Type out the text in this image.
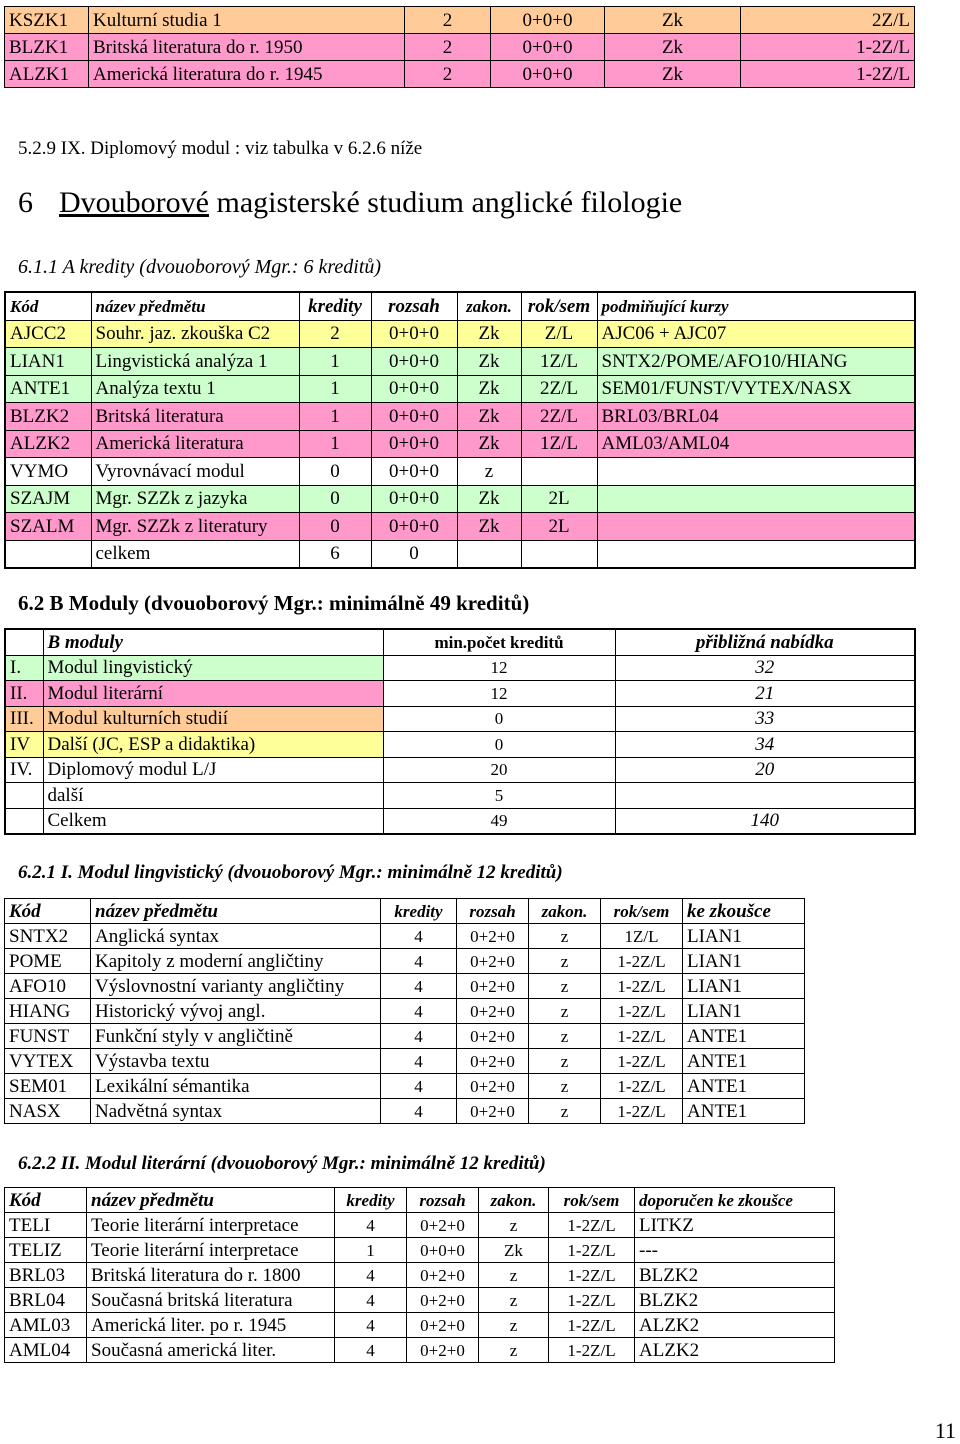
KSZK1	Kulturní studia 1	2	0+0+0	Zk	2Z/L
BLZK1	Britská literatura do r. 1950	2	0+0+0	Zk	1-2Z/L
ALZK1	Americká literatura do r. 1945	2	0+0+0	Zk	1-2Z/L
5.2.9 IX. Diplomový modul : viz tabulka v 6.2.6 níže
6 Dvouborové magisterské studium anglické filologie
6.1.1 A kredity (dvouoborový Mgr.: 6 kreditů)
Kód	název předmětu	kredity	rozsah	zakon.	rok/sem	podmiňující kurzy
AJCC2	Souhr. jaz. zkouška C2	2	0+0+0	Zk	Z/L	AJC06 + AJC07
LIAN1	Lingvistická analýza 1	1	0+0+0	Zk	1Z/L	SNTX2/POME/AFO10/HIANG
ANTE1	Analýza textu 1	1	0+0+0	Zk	2Z/L	SEM01/FUNST/VYTEX/NASX
BLZK2	Britská literatura	1	0+0+0	Zk	2Z/L	BRL03/BRL04
ALZK2	Americká literatura	1	0+0+0	Zk	1Z/L	AML03/AML04
VYMO	Vyrovnávací modul	0	0+0+0	z		
SZAJM	Mgr. SZZk z jazyka	0	0+0+0	Zk	2L	
SZALM	Mgr. SZZk z literatury	0	0+0+0	Zk	2L	
	celkem	6	0			
6.2 B Moduly (dvouoborový Mgr.: minimálně 49 kreditů)
	B moduly	min.počet kreditů	přibližná nabídka
I.	Modul lingvistický	12	32
II.	Modul literární	12	21
III.	Modul kulturních studií	0	33
IV	Další (JC, ESP a didaktika)	0	34
IV.	Diplomový modul L/J	20	20
	další	5	
	Celkem	49	140
6.2.1 I. Modul lingvistický (dvouoborový Mgr.: minimálně 12 kreditů)
Kód	název předmětu	kredity	rozsah	zakon.	rok/sem	ke zkoušce
SNTX2	Anglická syntax	4	0+2+0	z	1Z/L	LIAN1
POME	Kapitoly z moderní angličtiny	4	0+2+0	z	1-2Z/L	LIAN1
AFO10	Výslovnostní varianty angličtiny	4	0+2+0	z	1-2Z/L	LIAN1
HIANG	Historický vývoj angl.	4	0+2+0	z	1-2Z/L	LIAN1
FUNST	Funkční styly v angličtině	4	0+2+0	z	1-2Z/L	ANTE1
VYTEX	Výstavba textu	4	0+2+0	z	1-2Z/L	ANTE1
SEM01	Lexikální sémantika	4	0+2+0	z	1-2Z/L	ANTE1
NASX	Nadvětná syntax	4	0+2+0	z	1-2Z/L	ANTE1
6.2.2 II. Modul literární (dvouoborový Mgr.: minimálně 12 kreditů)
Kód	název předmětu	kredity	rozsah	zakon.	rok/sem	doporučen ke zkoušce
TELI	Teorie literární interpretace	4	0+2+0	z	1-2Z/L	LITKZ
TELIZ	Teorie literární interpretace	1	0+0+0	Zk	1-2Z/L	---
BRL03	Britská literatura do r. 1800	4	0+2+0	z	1-2Z/L	BLZK2
BRL04	Současná britská literatura	4	0+2+0	z	1-2Z/L	BLZK2
AML03	Americká liter. po r. 1945	4	0+2+0	z	1-2Z/L	ALZK2
AML04	Současná americká liter.	4	0+2+0	z	1-2Z/L	ALZK2
11
